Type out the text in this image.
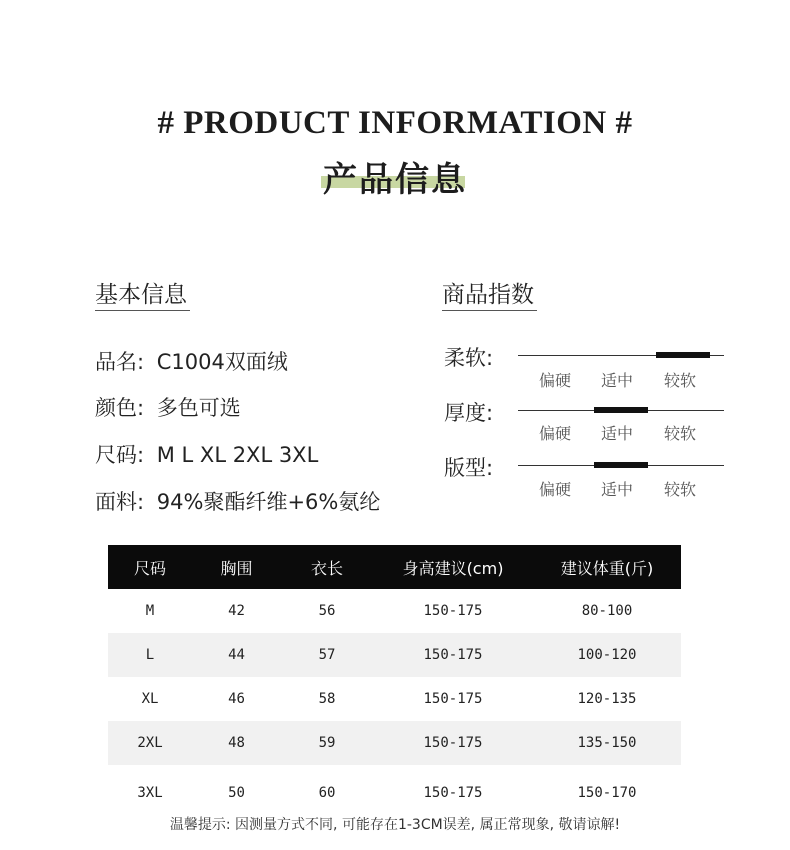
# PRODUCT INFORMATION #
产品信息
基本信息
品名: C1004双面绒
颜色: 多色可选
尺码: M L XL 2XL 3XL
面料: 94%聚酯纤维+6%氨纶
商品指数
柔软:
偏硬 适中 较软
厚度:
偏硬 适中 较软
版型:
偏硬 适中 较软
尺码	胸围	衣长	身高建议(cm)	建议体重(斤)
M	42	56	150-175	80-100
L	44	57	150-175	100-120
XL	46	58	150-175	120-135
2XL	48	59	150-175	135-150
3XL	50	60	150-175	150-170
温馨提示: 因测量方式不同, 可能存在1-3CM误差, 属正常现象, 敬请谅解!
